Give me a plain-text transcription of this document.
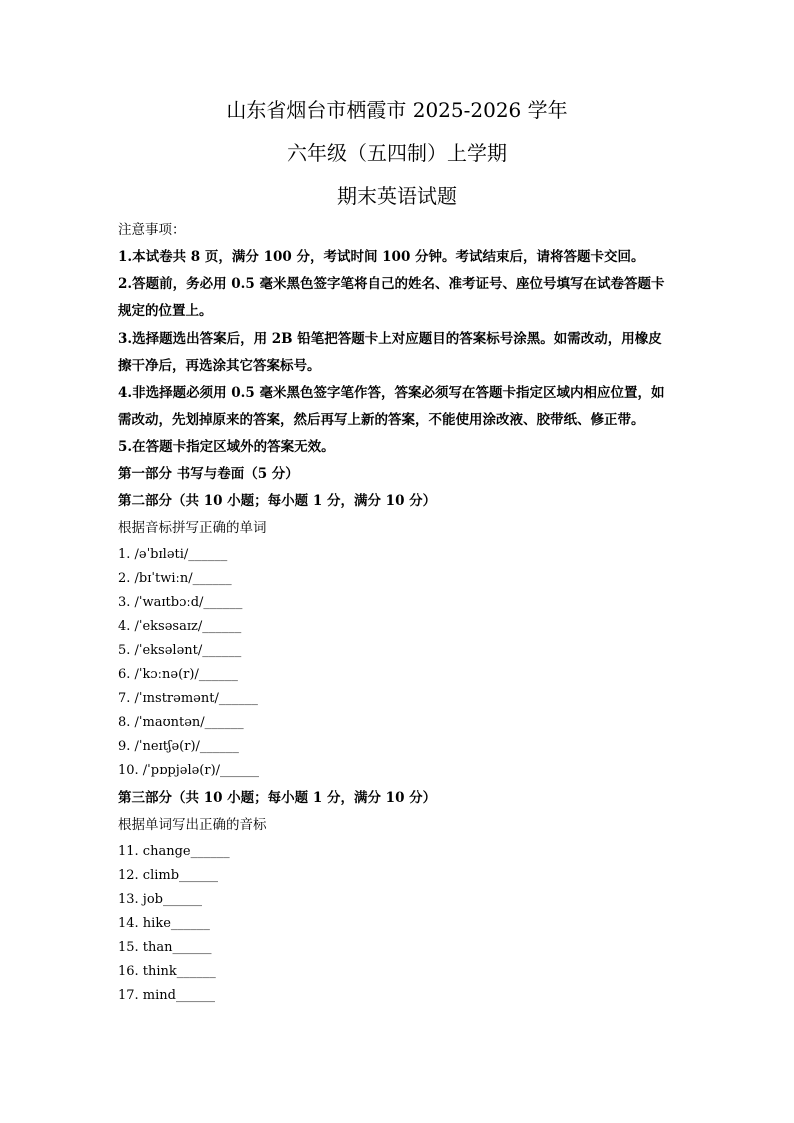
山东省烟台市栖霞市 2025-2026 学年
六年级（五四制）上学期
期末英语试题
注意事项：
1.本试卷共 8 页，满分 100 分，考试时间 100 分钟。考试结束后，请将答题卡交回。
2.答题前，务必用 0.5 毫米黑色签字笔将自己的姓名、准考证号、座位号填写在试卷答题卡
规定的位置上。
3.选择题选出答案后，用 2B 铅笔把答题卡上对应题目的答案标号涂黑。如需改动，用橡皮
擦干净后，再选涂其它答案标号。
4.非选择题必须用 0.5 毫米黑色签字笔作答，答案必须写在答题卡指定区域内相应位置，如
需改动，先划掉原来的答案，然后再写上新的答案，不能使用涂改液、胶带纸、修正带。
5.在答题卡指定区域外的答案无效。
第一部分 书写与卷面（5 分）
第二部分（共 10 小题；每小题 1 分，满分 10 分）
根据音标拼写正确的单词
1. /əˈbɪləti/______
2. /bɪˈtwiːn/______
3. /ˈwaɪtbɔːd/______
4. /ˈeksəsaɪz/______
5. /ˈeksələnt/______
6. /ˈkɔːnə(r)/______
7. /ˈɪnstrəmənt/______
8. /ˈmaʊntən/______
9. /ˈneɪtʃə(r)/______
10. /ˈpɒpjələ(r)/______
第三部分（共 10 小题；每小题 1 分，满分 10 分）
根据单词写出正确的音标
11. change______
12. climb______
13. job______
14. hike______
15. than______
16. think______
17. mind______
